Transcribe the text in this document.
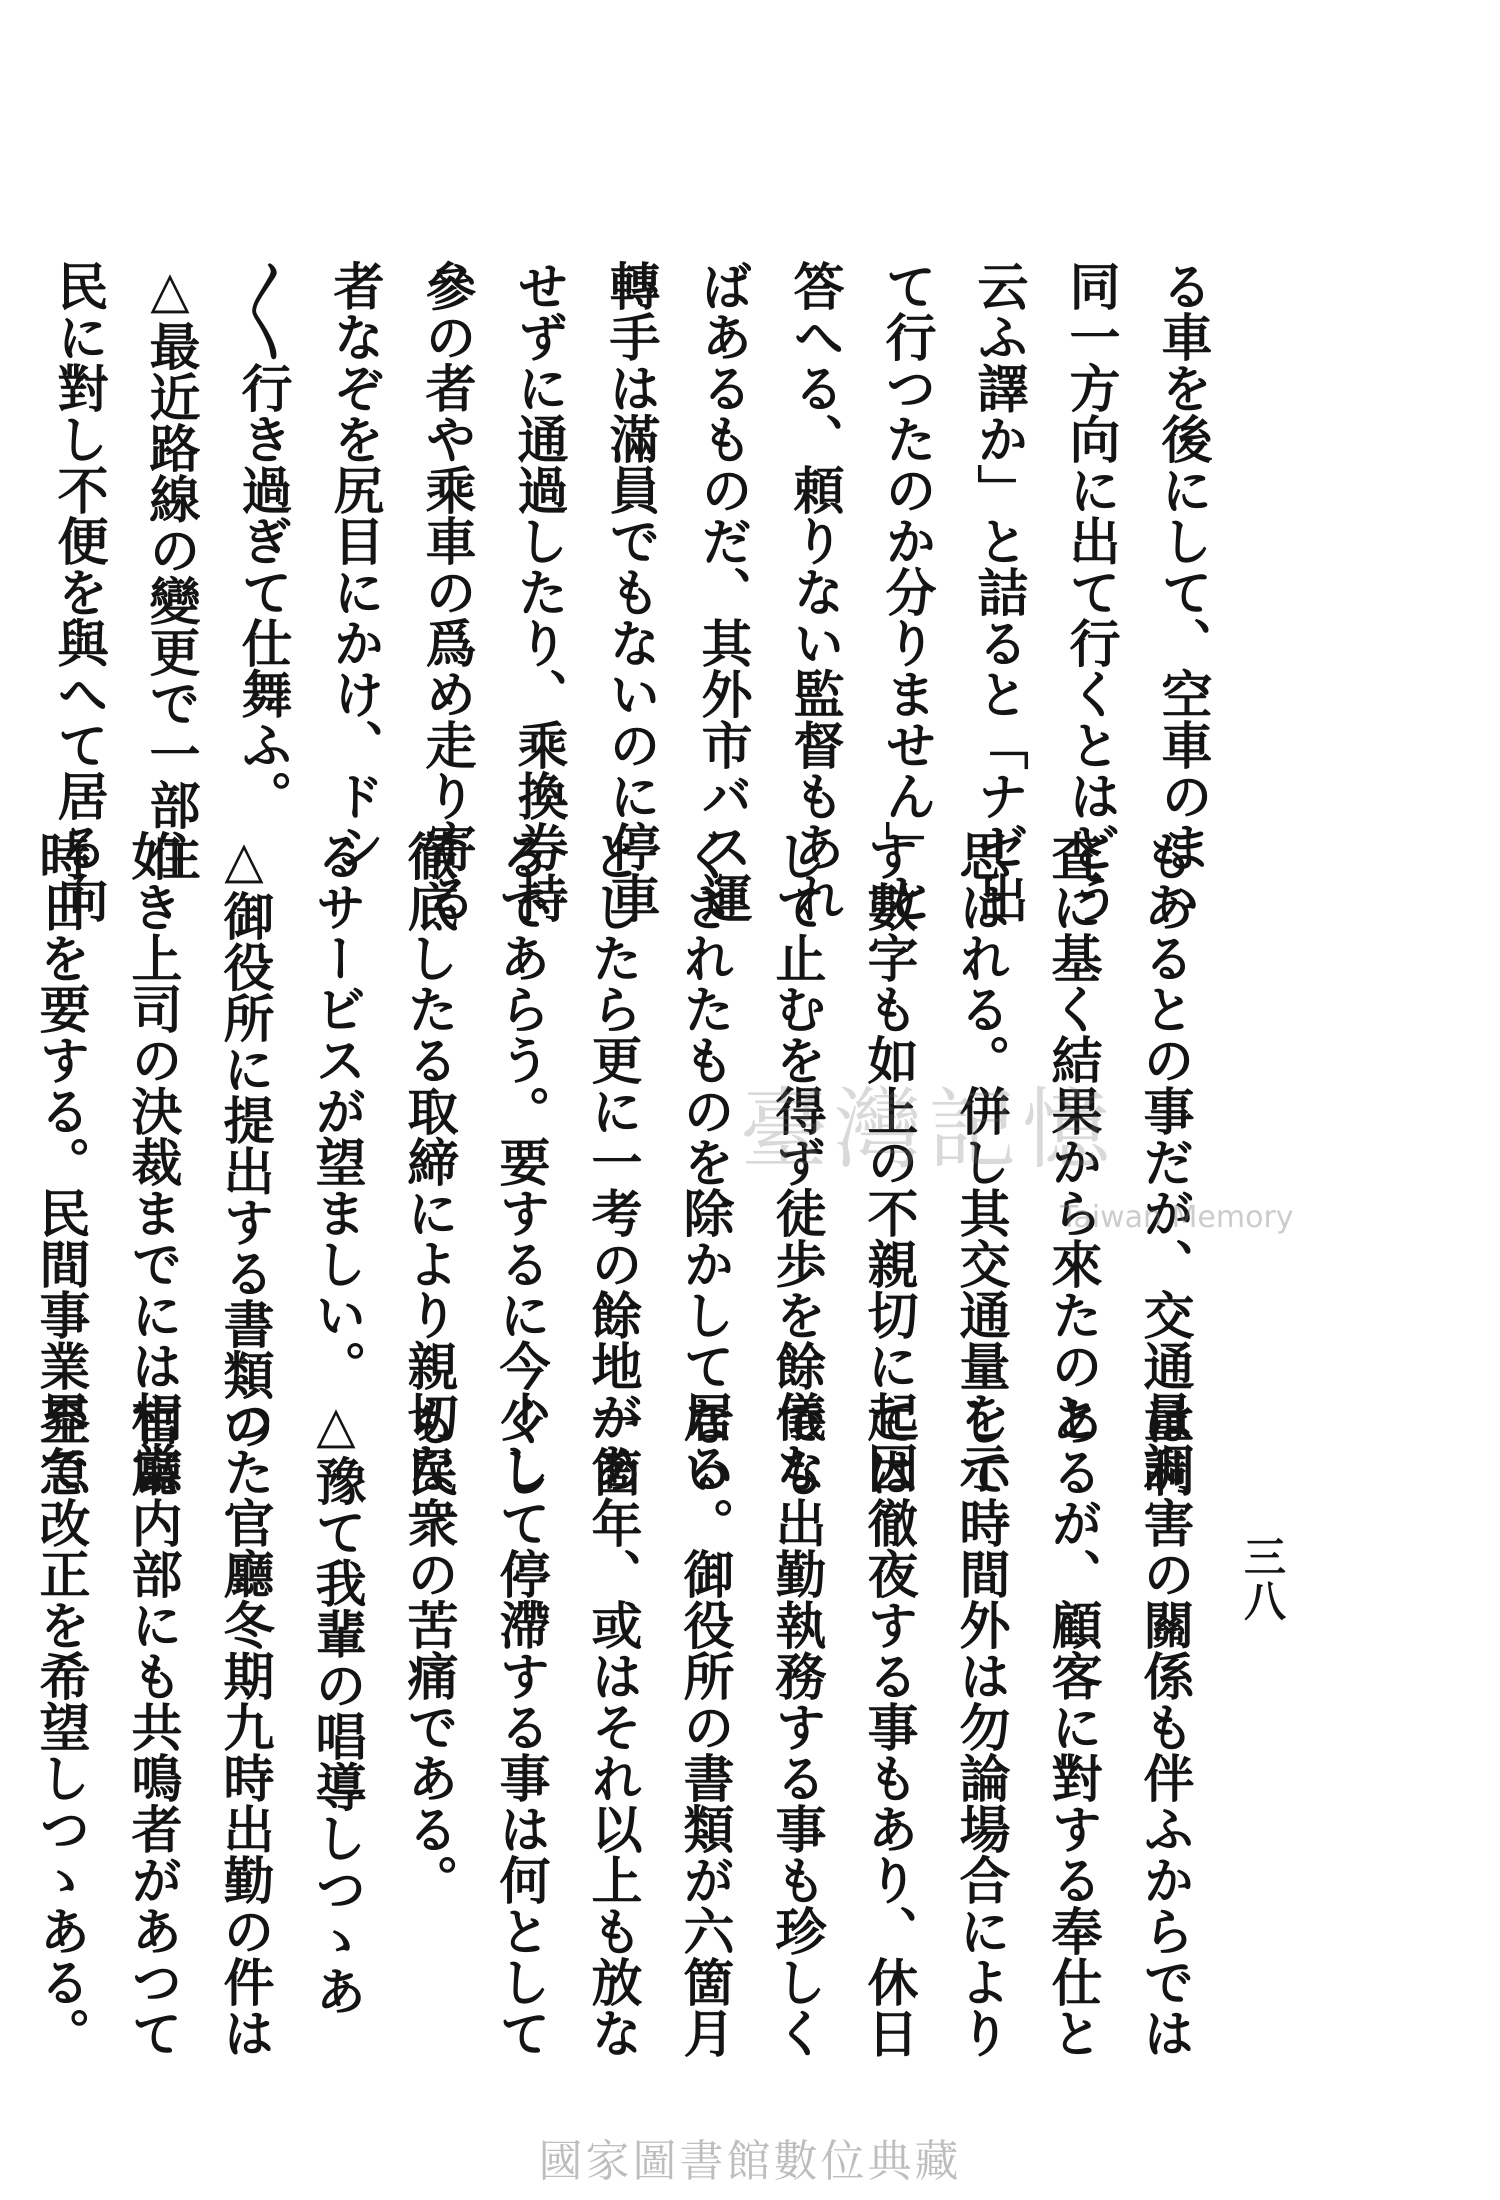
三八
る車を後にして、空車のまゝ
同一方向に出て行くとはどう
云ふ譯か」と詰ると「ナゼ出
て行つたのか分りません」と
答へる、頼りない監督もあれ
ばあるものだ、其外市バス運
轉手は滿員でもないのに停車
せずに通過したり、乘換券持
參の者や乘車の爲め走り寄る
者なぞを尻目にかけ、ドシ
〳〵行き過ぎて仕舞ふ。
△最近路線の變更で一部住
民に對し不便を與へて居る向
もあるとの事だが、交通量調
査に基く結果から來たのと
思はれる。併し其交通量を示
す數字も如上の不親切に起因
して止むを得ず徒歩を餘儀な
くされたものを除かして居る
としたら更に一考の餘地があ
るであらう。要するに今少し
徹底したる取締により親切な
るサービスが望ましい。
△御役所に提出する書類の
如き上司の決裁までには相當
時日を要する。民間事業界で
は利害の關係も伴ふからでは
あるが、顧客に對する奉仕と
して時間外は勿論場合により
ては徹夜する事もあり、休日
でも出勤執務する事も珍しく
ない。御役所の書類が六箇月
一箇年、或はそれ以上も放な
くして停滯する事は何として
も民衆の苦痛である。
△豫て我輩の唱導しつゝあ
つた官廳冬期九時出勤の件は
官廳内部にも共鳴者があつて
至急改正を希望しつゝある。
臺灣記憶
Taiwan Memory
國家圖書館數位典藏
